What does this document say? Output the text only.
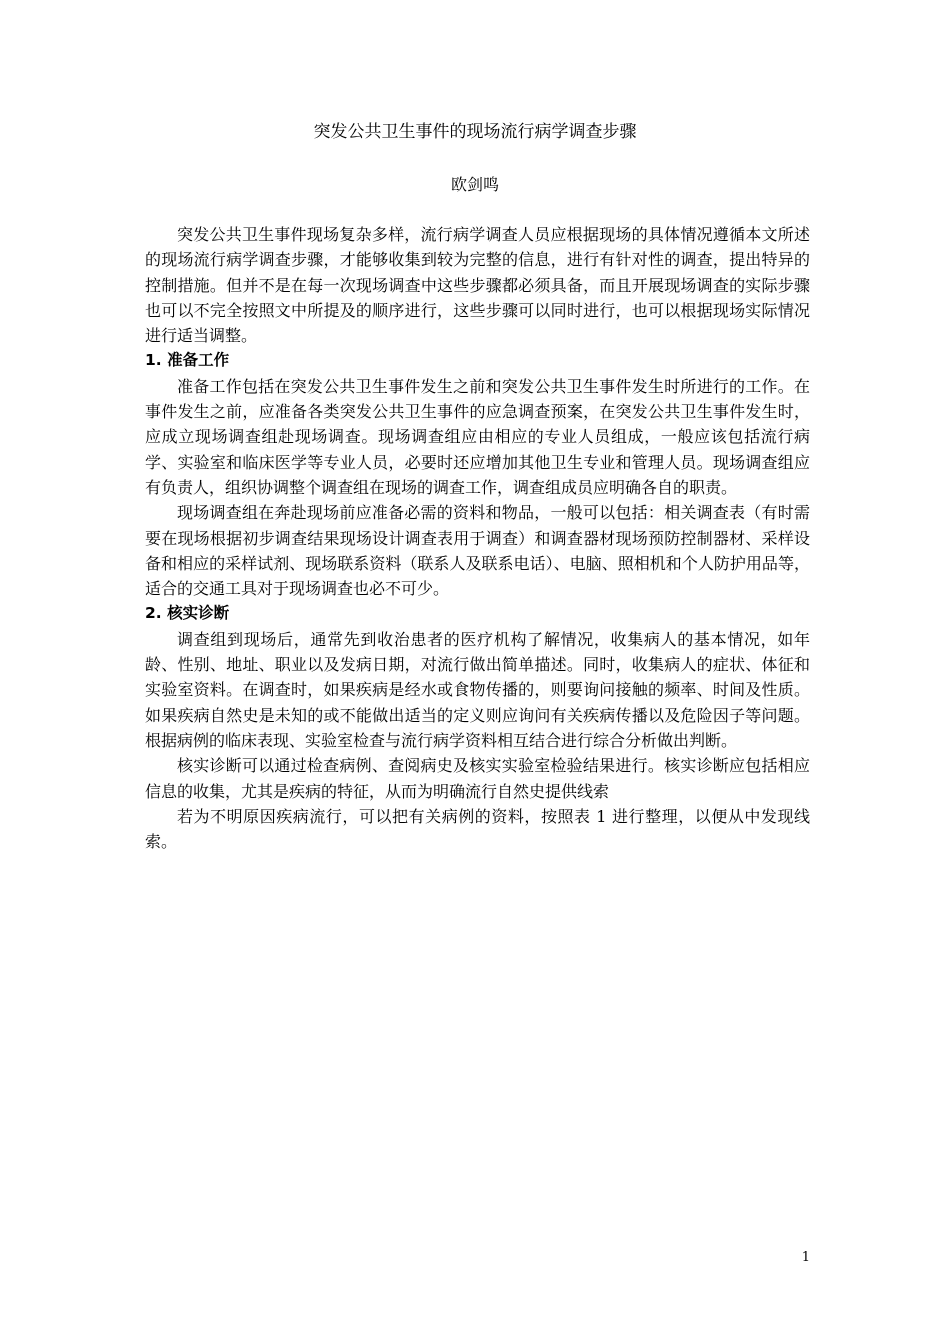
突发公共卫生事件的现场流行病学调查步骤
欧剑鸣

突发公共卫生事件现场复杂多样，流行病学调查人员应根据现场的具体情况遵循本文所述的现场流行病学调查步骤，才能够收集到较为完整的信息，进行有针对性的调查，提出特异的控制措施。但并不是在每一次现场调查中这些步骤都必须具备，而且开展现场调查的实际步骤也可以不完全按照文中所提及的顺序进行，这些步骤可以同时进行，也可以根据现场实际情况进行适当调整。

1. 准备工作

准备工作包括在突发公共卫生事件发生之前和突发公共卫生事件发生时所进行的工作。在事件发生之前，应准备各类突发公共卫生事件的应急调查预案，在突发公共卫生事件发生时，应成立现场调查组赴现场调查。现场调查组应由相应的专业人员组成，一般应该包括流行病学、实验室和临床医学等专业人员，必要时还应增加其他卫生专业和管理人员。现场调查组应有负责人，组织协调整个调查组在现场的调查工作，调查组成员应明确各自的职责。

现场调查组在奔赴现场前应准备必需的资料和物品，一般可以包括：相关调查表（有时需要在现场根据初步调查结果现场设计调查表用于调查）和调查器材现场预防控制器材、采样设备和相应的采样试剂、现场联系资料（联系人及联系电话）、电脑、照相机和个人防护用品等，适合的交通工具对于现场调查也必不可少。

2. 核实诊断

调查组到现场后，通常先到收治患者的医疗机构了解情况，收集病人的基本情况，如年龄、性别、地址、职业以及发病日期，对流行做出简单描述。同时，收集病人的症状、体征和实验室资料。在调查时，如果疾病是经水或食物传播的，则要询问接触的频率、时间及性质。如果疾病自然史是未知的或不能做出适当的定义则应询问有关疾病传播以及危险因子等问题。根据病例的临床表现、实验室检查与流行病学资料相互结合进行综合分析做出判断。

核实诊断可以通过检查病例、查阅病史及核实实验室检验结果进行。核实诊断应包括相应信息的收集，尤其是疾病的特征，从而为明确流行自然史提供线索

若为不明原因疾病流行，可以把有关病例的资料，按照表 1 进行整理，以便从中发现线索。

1
